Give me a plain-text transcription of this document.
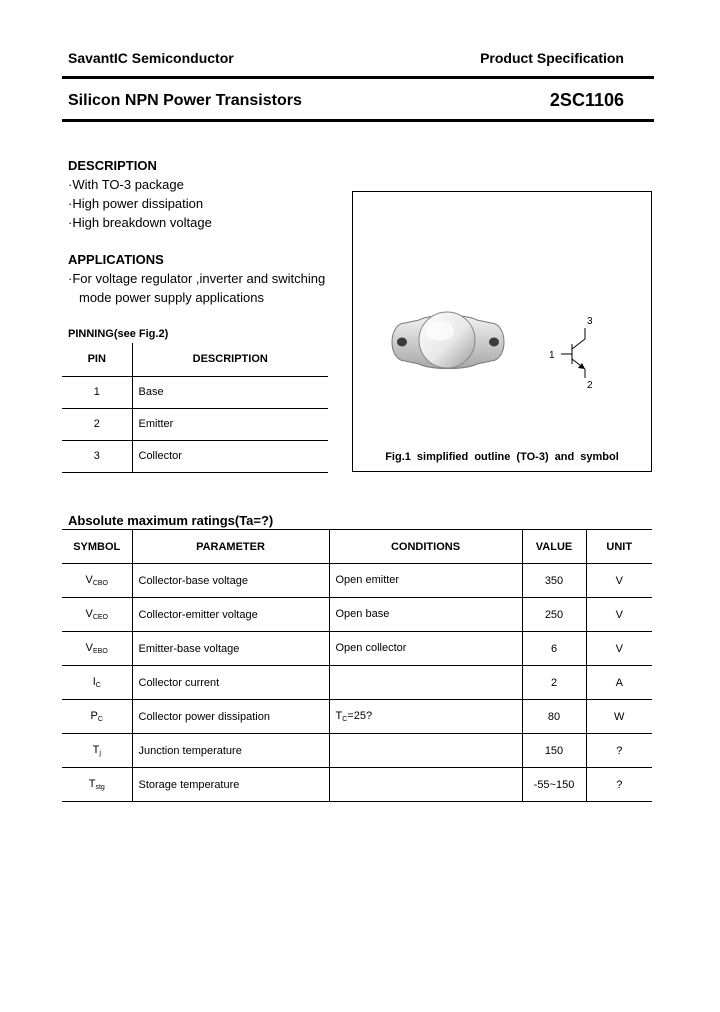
SavantIC Semiconductor	Product Specification
Silicon NPN Power Transistors	2SC1106
DESCRIPTION
·With TO-3 package
·High power dissipation
·High breakdown voltage
APPLICATIONS
·For voltage regulator ,inverter and switching
mode power supply applications
PINNING(see Fig.2)
PIN	DESCRIPTION
1	Base
2	Emitter
3	Collector
3
1
2
Fig.1 simplified outline (TO-3) and symbol
Absolute maximum ratings(Ta=?)
SYMBOL	PARAMETER	CONDITIONS	VALUE	UNIT
$V_{CBO}$	Collector-base voltage	Open emitter	350	V
$V_{CEO}$	Collector-emitter voltage	Open base	250	V
$V_{EBO}$	Emitter-base voltage	Open collector	6	V
$I_C$	Collector current		2	A
$P_C$	Collector power dissipation	$T_C=25$?	80	W
$T_j$	Junction temperature		150	?
$T_{stg}$	Storage temperature		-55~150	?
